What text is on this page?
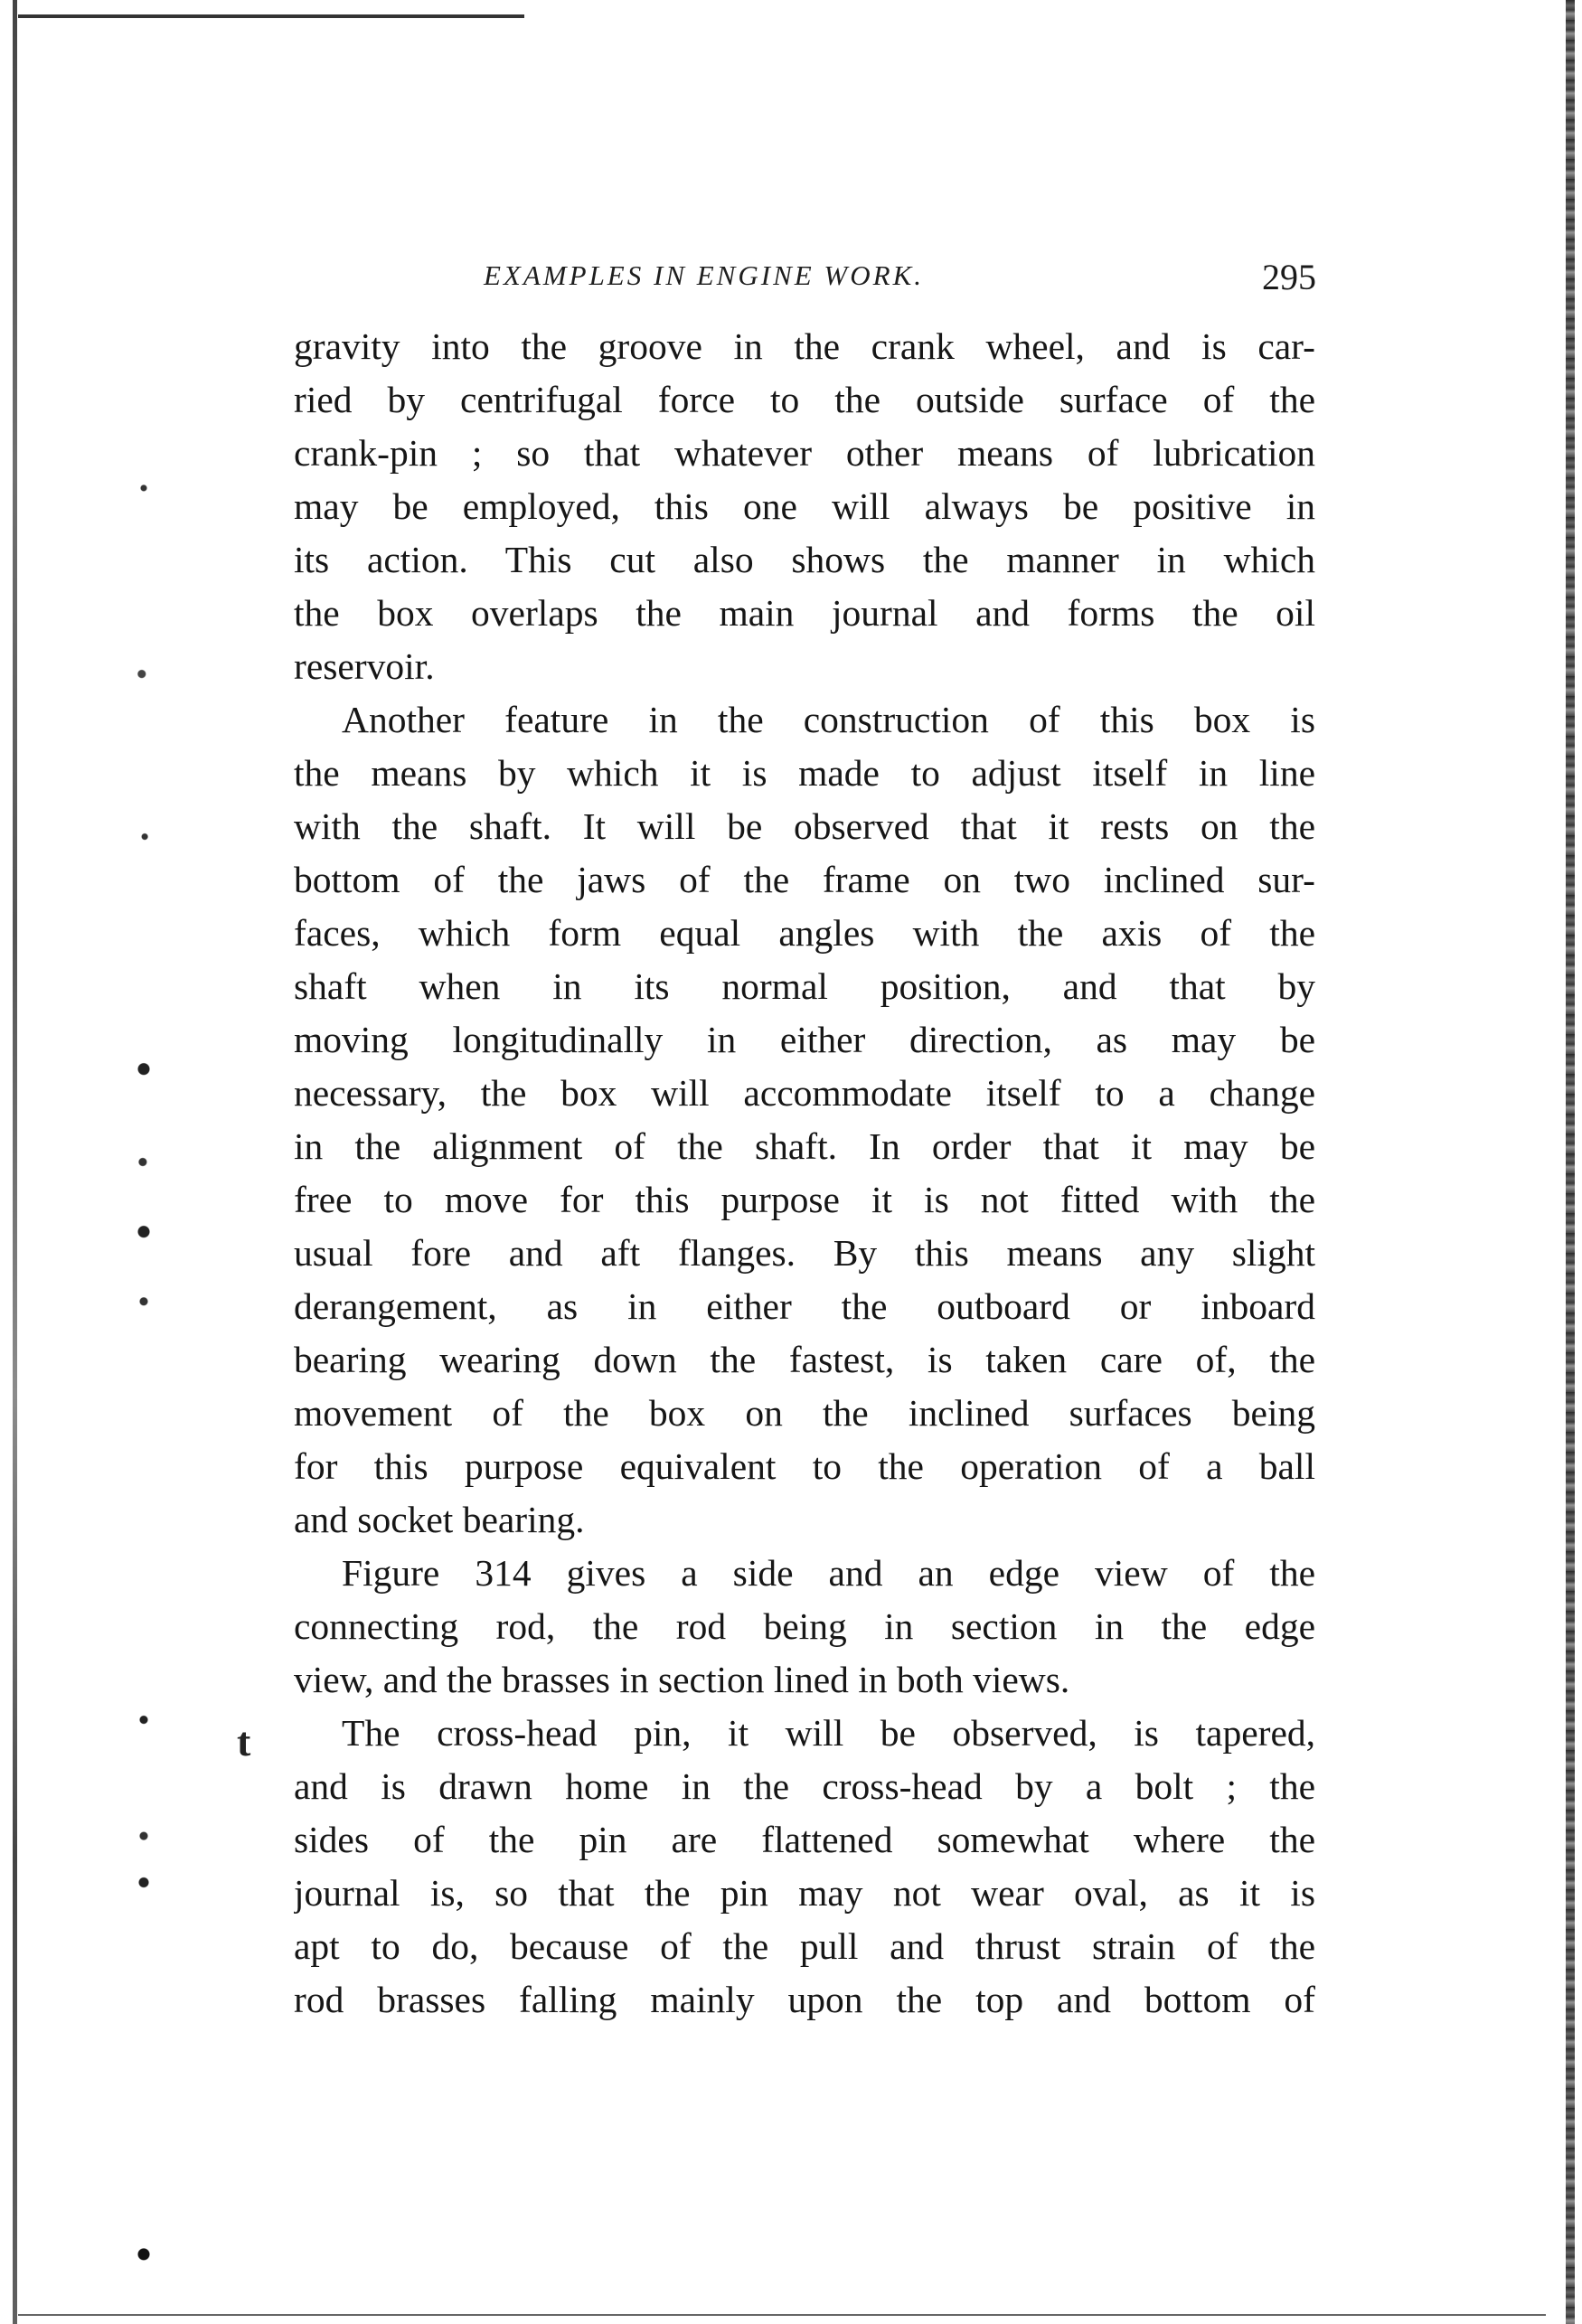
EXAMPLES IN ENGINE WORK.	295
t
gravity into the groove in the crank wheel, and is car-
ried by centrifugal force to the outside surface of the
crank-pin ; so that whatever other means of lubrication
may be employed, this one will always be positive in
its action. This cut also shows the manner in which
the box overlaps the main journal and forms the oil
reservoir.
Another feature in the construction of this box is
the means by which it is made to adjust itself in line
with the shaft. It will be observed that it rests on the
bottom of the jaws of the frame on two inclined sur-
faces, which form equal angles with the axis of the
shaft when in its normal position, and that by
moving longitudinally in either direction, as may be
necessary, the box will accommodate itself to a change
in the alignment of the shaft. In order that it may be
free to move for this purpose it is not fitted with the
usual fore and aft flanges. By this means any slight
derangement, as in either the outboard or inboard
bearing wearing down the fastest, is taken care of, the
movement of the box on the inclined surfaces being
for this purpose equivalent to the operation of a ball
and socket bearing.
Figure 314 gives a side and an edge view of the
connecting rod, the rod being in section in the edge
view, and the brasses in section lined in both views.
The cross-head pin, it will be observed, is tapered,
and is drawn home in the cross-head by a bolt ; the
sides of the pin are flattened somewhat where the
journal is, so that the pin may not wear oval, as it is
apt to do, because of the pull and thrust strain of the
rod brasses falling mainly upon the top and bottom of
